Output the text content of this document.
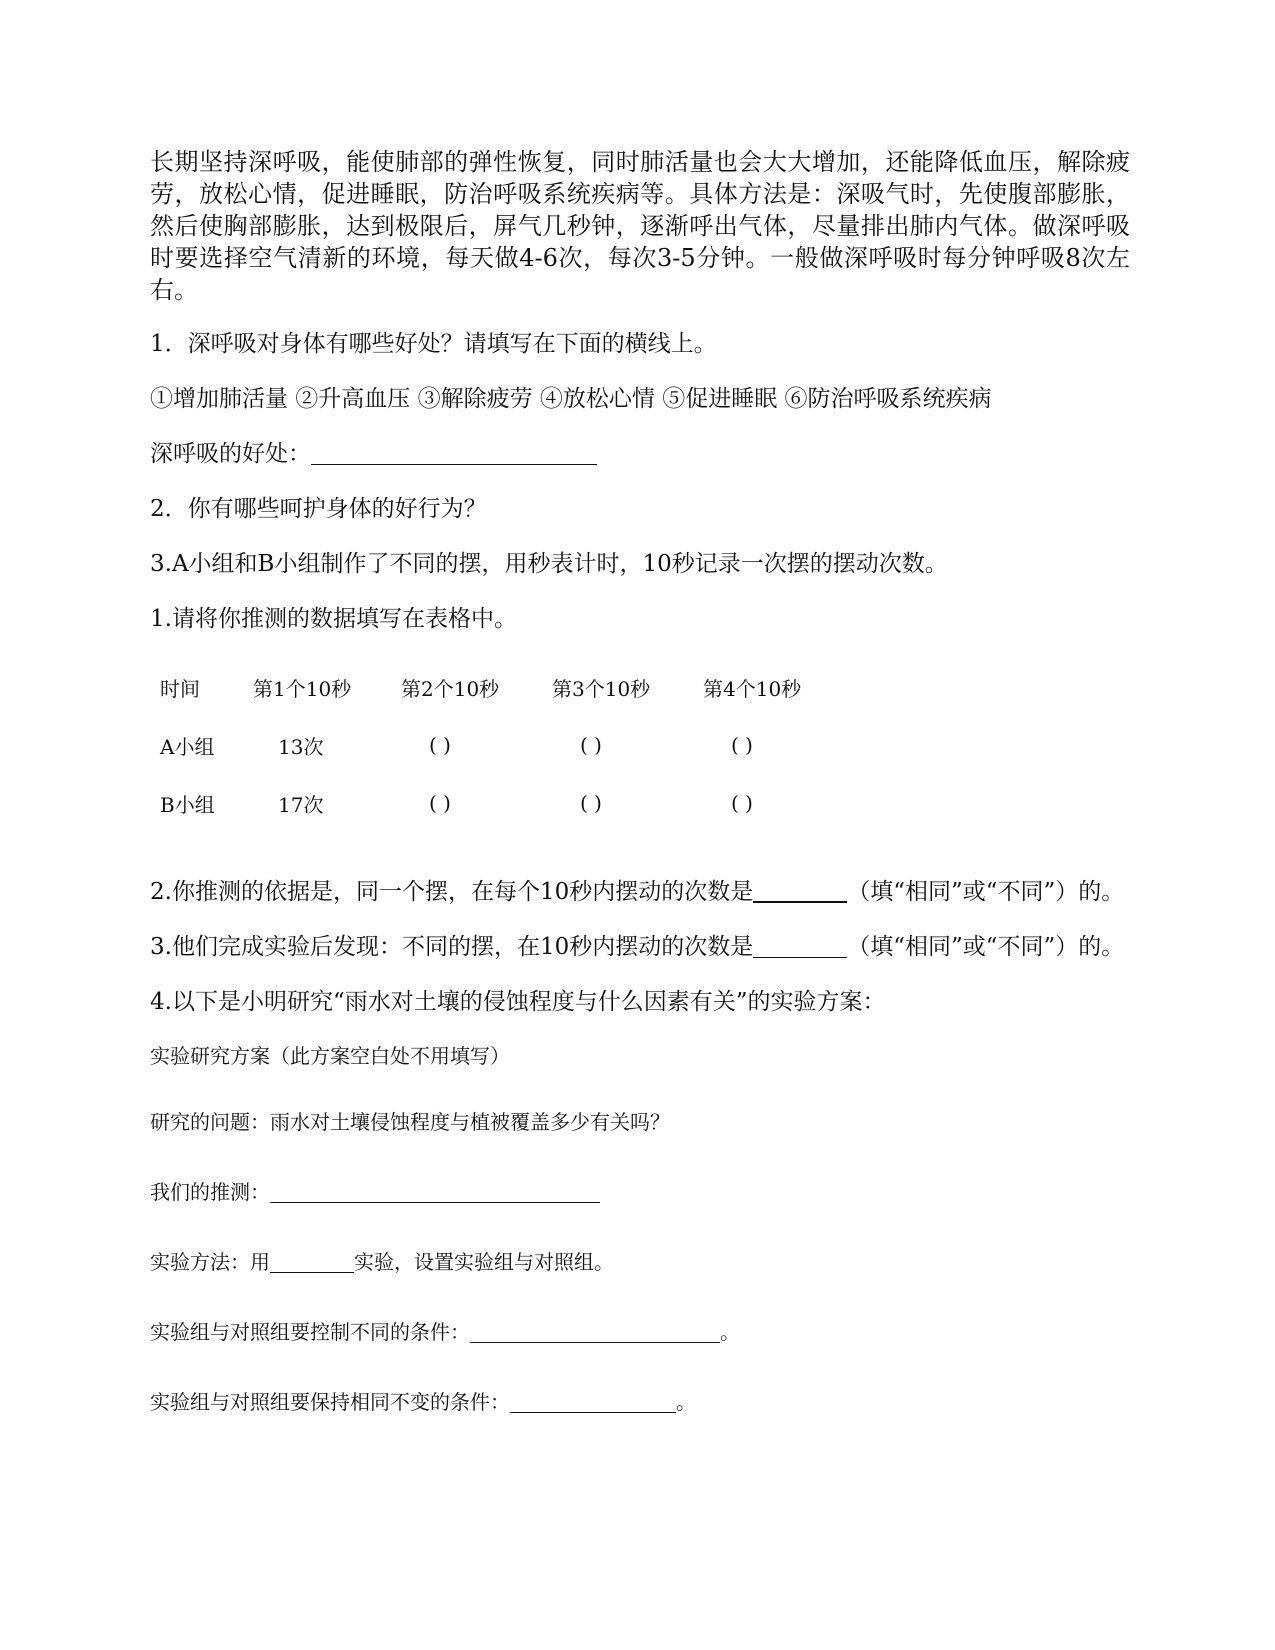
长期坚持深呼吸，能使肺部的弹性恢复，同时肺活量也会大大增加，还能降低血压，解除疲劳，放松心情，促进睡眠，防治呼吸系统疾病等。具体方法是：深吸气时，先使腹部膨胀，然后使胸部膨胀，达到极限后，屏气几秒钟，逐渐呼出气体，尽量排出肺内气体。做深呼吸时要选择空气清新的环境，每天做4-6次，每次3-5分钟。一般做深呼吸时每分钟呼吸8次左右。

1．深呼吸对身体有哪些好处？请填写在下面的横线上。

①增加肺活量 ②升高血压 ③解除疲劳 ④放松心情 ⑤促进睡眠 ⑥防治呼吸系统疾病

深呼吸的好处：

2．你有哪些呵护身体的好行为？

3.A小组和B小组制作了不同的摆，用秒表计时，10秒记录一次摆的摆动次数。

1.请将你推测的数据填写在表格中。

时间	第1个10秒	第2个10秒	第3个10秒	第4个10秒
A小组	13次	( )	( )	( )
B小组	17次	( )	( )	( )

2.你推测的依据是，同一个摆，在每个10秒内摆动的次数是	（填“相同”或“不同”）的。

3.他们完成实验后发现：不同的摆，在10秒内摆动的次数是	（填“相同”或“不同”）的。

4.以下是小明研究“雨水对土壤的侵蚀程度与什么因素有关”的实验方案：

实验研究方案（此方案空白处不用填写）

研究的问题：雨水对土壤侵蚀程度与植被覆盖多少有关吗？

我们的推测：

实验方法：用	实验，设置实验组与对照组。

实验组与对照组要控制不同的条件：	。

实验组与对照组要保持相同不变的条件：	。
